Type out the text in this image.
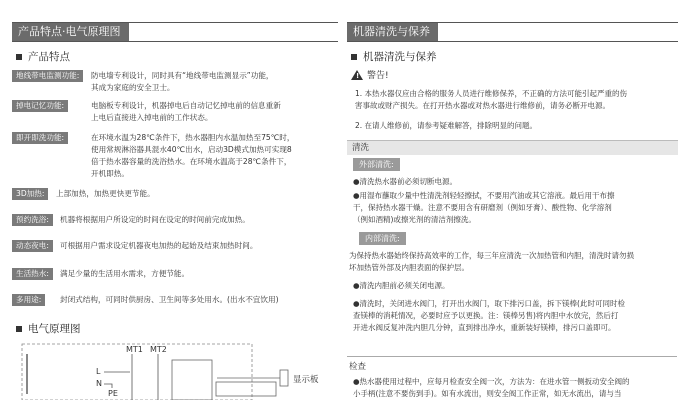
产品特点·电气原理图
产品特点
地线带电监测功能:	防电墙专利设计，同时具有“地线带电监测显示”功能，
其成为家庭的安全卫士。
掉电记忆功能:	电脑板专利设计，机器掉电后自动记忆掉电前的信息重新
上电后直接进入掉电前的工作状态。
即开即洗功能:	在环境水温为28℃条件下，热水器胆内水温加热至75℃时，
使用常规淋浴器具混水40℃出水，启动3D模式加热可实现8
倍于热水器容量的洗浴热水。在环境水温高于28℃条件下，
开机即热。
3D加热:	上部加热，加热更快更节能。
预约洗浴:	机器将根据用户所设定的时间在设定的时间前完成加热。
动态夜电:	可根据用户需求设定机器夜电加热的起始及结束加热时间。
生活热水:	满足少量的生活用水需求，方便节能。
多用途:	封闭式结构，可同时供厨房、卫生间等多处用水。(出水不宜饮用)
电气原理图
MT1 MT2
L
N
PE
显示板
机器清洗与保养
机器清洗与保养
! 警告!
1. 本热水器仅应由合格的服务人员进行维修保养，不正确的方法可能引起严重的伤
害事故或财产损失。在打开热水器或对热水器进行维修前，请务必断开电源。
2. 在请人维修前，请参考疑难解答，排除明显的问题。
清洗
外部清洗:
●清洗热水器前必须切断电源。
●用湿布蘸取少量中性清洗剂轻轻擦拭，不要用汽油或其它溶液。最后用干布擦
干，保持热水器干燥。注意不要用含有研磨剂（例如牙膏）、酸性物、化学溶剂
（例如酒精)或擦光剂的清洁剂擦洗。
内部清洗:
为保持热水器始终保持高效率的工作，每三年应清洗一次加热管和内胆，清洗时请勿损
坏加热管外部及内胆表面的保护层。
●清洗内胆前必须关闭电源。
●清洗时，关闭进水阀门，打开出水阀门，取下排污口盖，拆下镁棒(此时可同时检
查镁棒的消耗情况，必要时应予以更换。注：镁棒另售)将内胆中水放完，然后打
开进水阀反复冲洗内胆几分钟，直到排出净水，重新装好镁棒，排污口盖即可。
检查
●热水器使用过程中，应每月检查安全阀一次，方法为：在进水管一侧扳动安全阀的
小手柄(注意不要伤到手)。如有水流出，则安全阀工作正常，如无水流出，请与当
